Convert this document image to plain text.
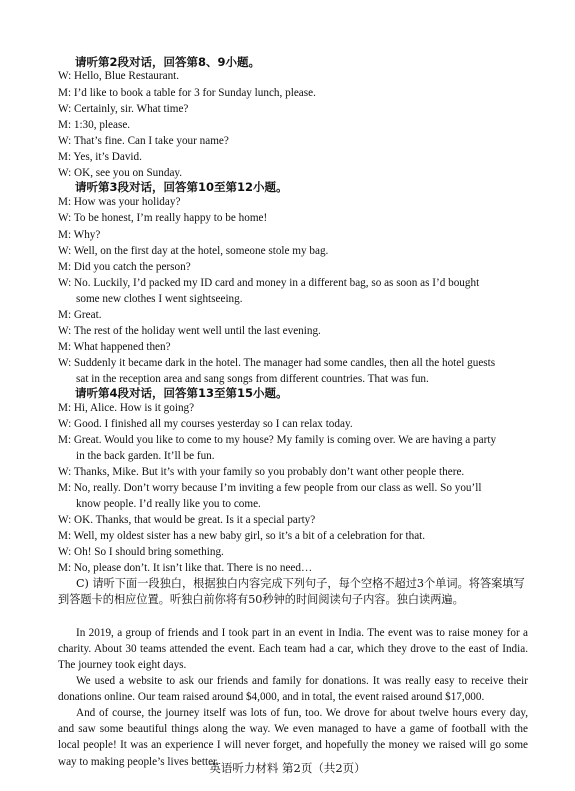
请听第2段对话，回答第8、9小题。
W: Hello, Blue Restaurant.
M: I’d like to book a table for 3 for Sunday lunch, please.
W: Certainly, sir. What time?
M: 1:30, please.
W: That’s fine. Can I take your name?
M: Yes, it’s David.
W: OK, see you on Sunday.
请听第3段对话，回答第10至第12小题。
M: How was your holiday?
W: To be honest, I’m really happy to be home!
M: Why?
W: Well, on the first day at the hotel, someone stole my bag.
M: Did you catch the person?
W: No. Luckily, I’d packed my ID card and money in a different bag, so as soon as I’d bought
some new clothes I went sightseeing.
M: Great.
W: The rest of the holiday went well until the last evening.
M: What happened then?
W: Suddenly it became dark in the hotel. The manager had some candles, then all the hotel guests
sat in the reception area and sang songs from different countries. That was fun.
请听第4段对话，回答第13至第15小题。
M: Hi, Alice. How is it going?
W: Good. I finished all my courses yesterday so I can relax today.
M: Great. Would you like to come to my house? My family is coming over. We are having a party
in the back garden. It’ll be fun.
W: Thanks, Mike. But it’s with your family so you probably don’t want other people there.
M: No, really. Don’t worry because I’m inviting a few people from our class as well. So you’ll
know people. I’d really like you to come.
W: OK. Thanks, that would be great. Is it a special party?
M: Well, my oldest sister has a new baby girl, so it’s a bit of a celebration for that.
W: Oh! So I should bring something.
M: No, please don’t. It isn’t like that. There is no need…
C) 请听下面一段独白，根据独白内容完成下列句子，每个空格不超过3个单词。将答案填写到答题卡的相应位置。听独白前你将有50秒钟的时间阅读句子内容。独白读两遍。
In 2019, a group of friends and I took part in an event in India. The event was to raise money for a charity. About 30 teams attended the event. Each team had a car, which they drove to the east of India. The journey took eight days.
We used a website to ask our friends and family for donations. It was really easy to receive their donations online. Our team raised around $4,000, and in total, the event raised around $17,000.
And of course, the journey itself was lots of fun, too. We drove for about twelve hours every day, and saw some beautiful things along the way. We even managed to have a game of football with the local people! It was an experience I will never forget, and hopefully the money we raised will go some way to making people’s lives better.
英语听力材料 第2页（共2页）
